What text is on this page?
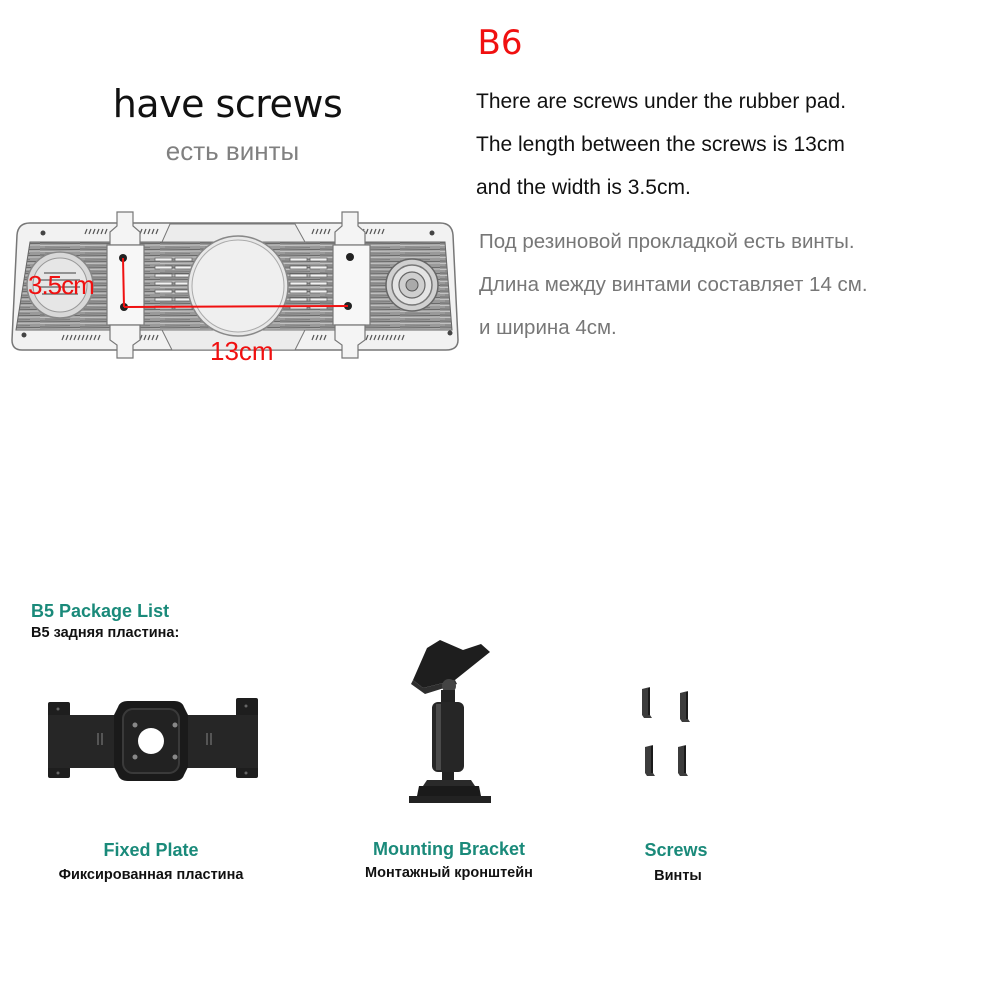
B6
have screws
есть винты
There are screws under the rubber pad.
The length between the screws is 13cm
and the width is 3.5cm.
Под резиновой прокладкой есть винты.
Длина между винтами составляет 14 см.
и ширина 4см.
3.5cm
13cm
B5 Package List
B5 задняя пластина:
Fixed Plate
Фиксированная пластина
Mounting Bracket
Монтажный кронштейн
Screws
Винты
